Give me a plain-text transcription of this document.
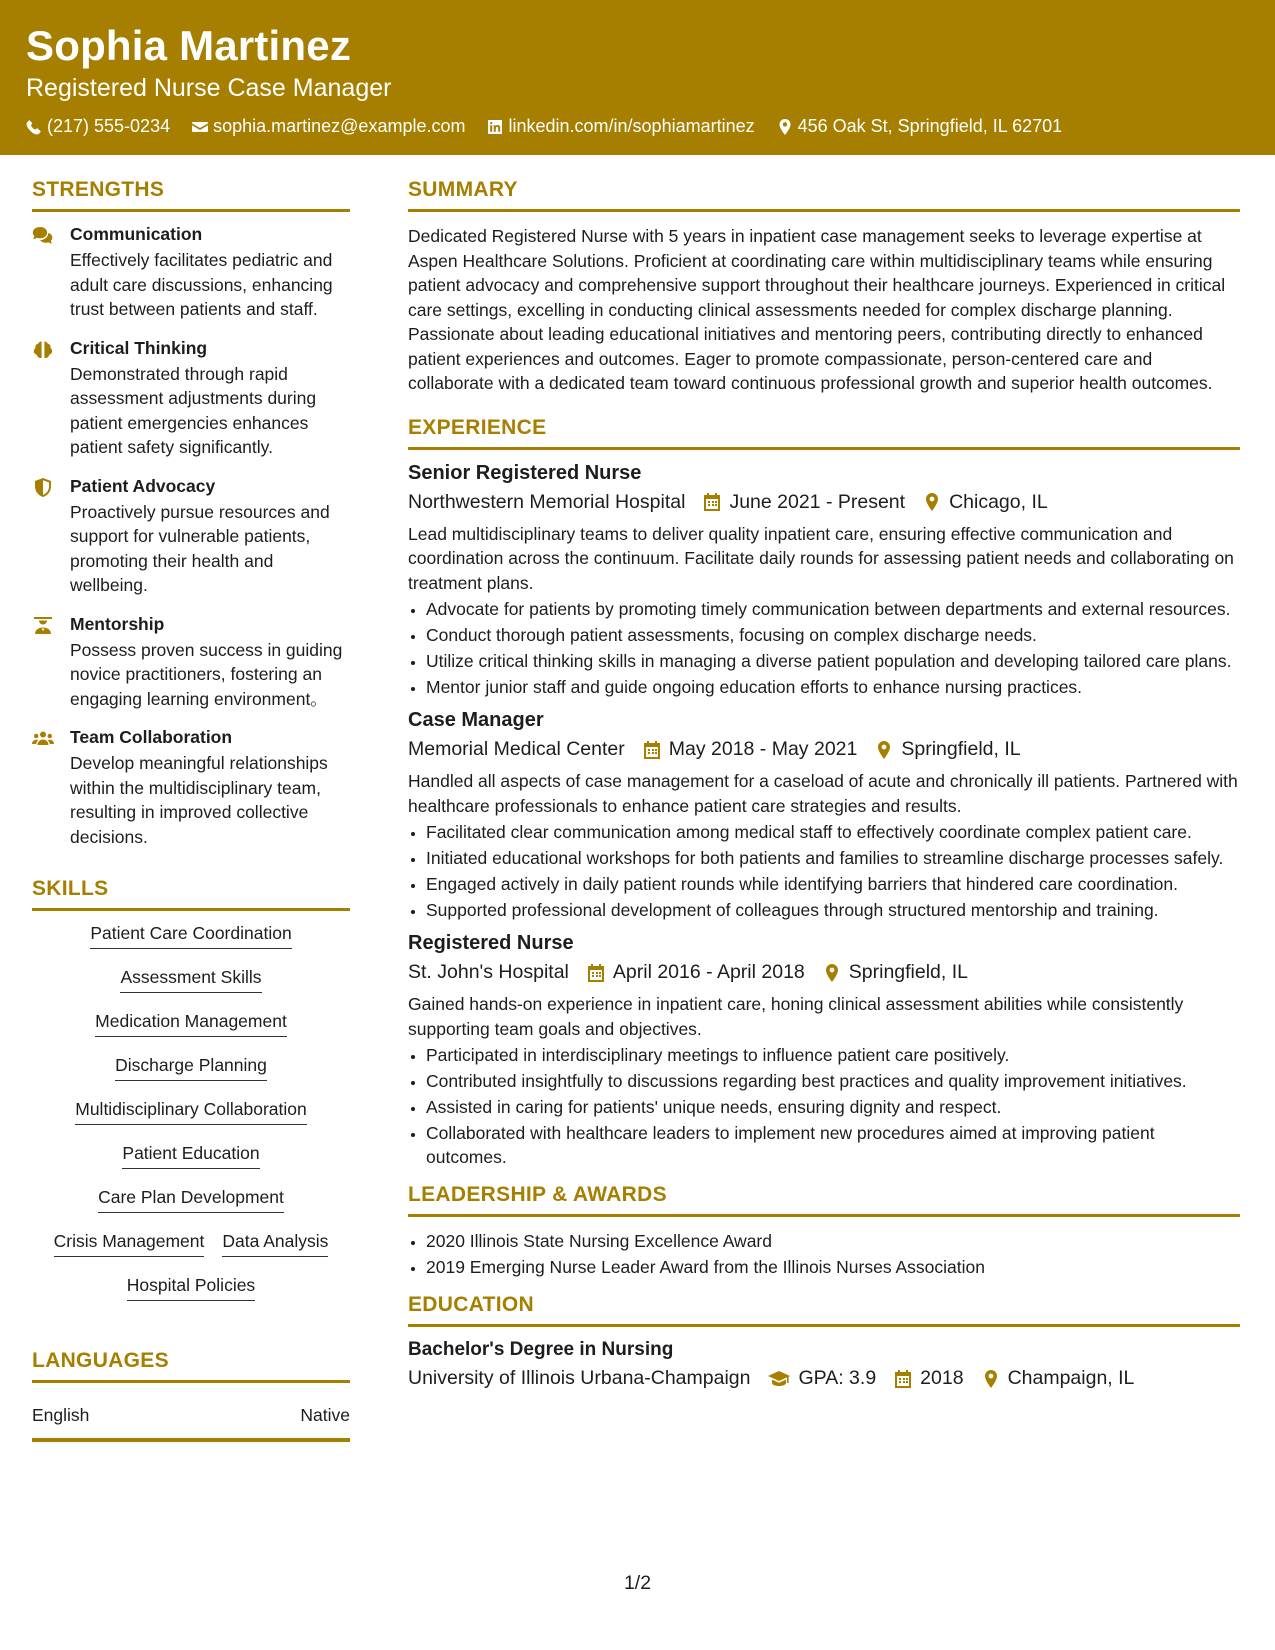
Sophia Martinez
Registered Nurse Case Manager
(217) 555-0234 sophia.martinez@example.com linkedin.com/in/sophiamartinez 456 Oak St, Springfield, IL 62701
STRENGTHS
Communication
Effectively facilitates pediatric and adult care discussions, enhancing trust between patients and staff.
Critical Thinking
Demonstrated through rapid assessment adjustments during patient emergencies enhances patient safety significantly.
Patient Advocacy
Proactively pursue resources and support for vulnerable patients, promoting their health and wellbeing.
Mentorship
Possess proven success in guiding novice practitioners, fostering an engaging learning environment。
Team Collaboration
Develop meaningful relationships within the multidisciplinary team, resulting in improved collective decisions.
SKILLS
Patient Care Coordination
Assessment Skills
Medication Management
Discharge Planning
Multidisciplinary Collaboration
Patient Education
Care Plan Development
Crisis Management Data Analysis
Hospital Policies
LANGUAGES
English	Native
SUMMARY
Dedicated Registered Nurse with 5 years in inpatient case management seeks to leverage expertise at Aspen Healthcare Solutions. Proficient at coordinating care within multidisciplinary teams while ensuring patient advocacy and comprehensive support throughout their healthcare journeys. Experienced in critical care settings, excelling in conducting clinical assessments needed for complex discharge planning. Passionate about leading educational initiatives and mentoring peers, contributing directly to enhanced patient experiences and outcomes. Eager to promote compassionate, person-centered care and collaborate with a dedicated team toward continuous professional growth and superior health outcomes.
EXPERIENCE
Senior Registered Nurse
Northwestern Memorial Hospital June 2021 - Present Chicago, IL
Lead multidisciplinary teams to deliver quality inpatient care, ensuring effective communication and coordination across the continuum. Facilitate daily rounds for assessing patient needs and collaborating on treatment plans.
• Advocate for patients by promoting timely communication between departments and external resources.
• Conduct thorough patient assessments, focusing on complex discharge needs.
• Utilize critical thinking skills in managing a diverse patient population and developing tailored care plans.
• Mentor junior staff and guide ongoing education efforts to enhance nursing practices.
Case Manager
Memorial Medical Center May 2018 - May 2021 Springfield, IL
Handled all aspects of case management for a caseload of acute and chronically ill patients. Partnered with healthcare professionals to enhance patient care strategies and results.
• Facilitated clear communication among medical staff to effectively coordinate complex patient care.
• Initiated educational workshops for both patients and families to streamline discharge processes safely.
• Engaged actively in daily patient rounds while identifying barriers that hindered care coordination.
• Supported professional development of colleagues through structured mentorship and training.
Registered Nurse
St. John's Hospital April 2016 - April 2018 Springfield, IL
Gained hands-on experience in inpatient care, honing clinical assessment abilities while consistently supporting team goals and objectives.
• Participated in interdisciplinary meetings to influence patient care positively.
• Contributed insightfully to discussions regarding best practices and quality improvement initiatives.
• Assisted in caring for patients' unique needs, ensuring dignity and respect.
• Collaborated with healthcare leaders to implement new procedures aimed at improving patient outcomes.
LEADERSHIP & AWARDS
• 2020 Illinois State Nursing Excellence Award
• 2019 Emerging Nurse Leader Award from the Illinois Nurses Association
EDUCATION
Bachelor's Degree in Nursing
University of Illinois Urbana-Champaign GPA: 3.9 2018 Champaign, IL
1/2
